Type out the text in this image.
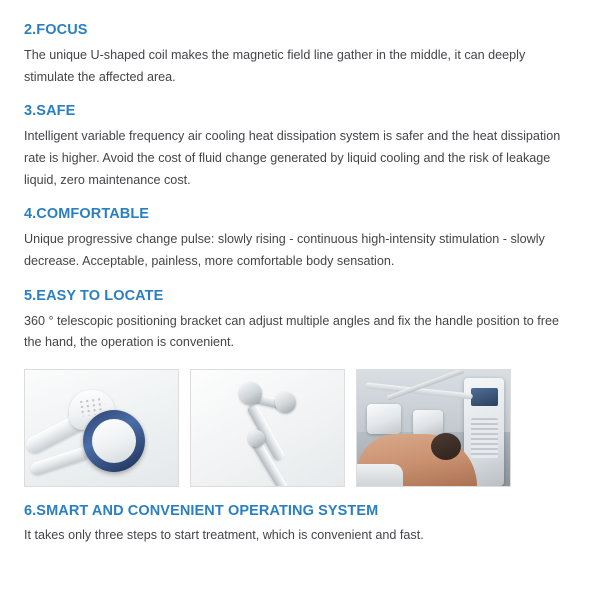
2.FOCUS

The unique U-shaped coil makes the magnetic field line gather in the middle, it can deeply stimulate the affected area.

3.SAFE

Intelligent variable frequency air cooling heat dissipation system is safer and the heat dissipation rate is higher. Avoid the cost of fluid change generated by liquid cooling and the risk of leakage liquid, zero maintenance cost.

4.COMFORTABLE

Unique progressive change pulse: slowly rising - continuous high-intensity stimulation - slowly decrease. Acceptable, painless, more comfortable body sensation.

5.EASY TO LOCATE

360 ° telescopic positioning bracket can adjust multiple angles and fix the handle position to free the hand, the operation is convenient.

6.SMART AND CONVENIENT OPERATING SYSTEM

It takes only three steps to start treatment, which is convenient and fast.
